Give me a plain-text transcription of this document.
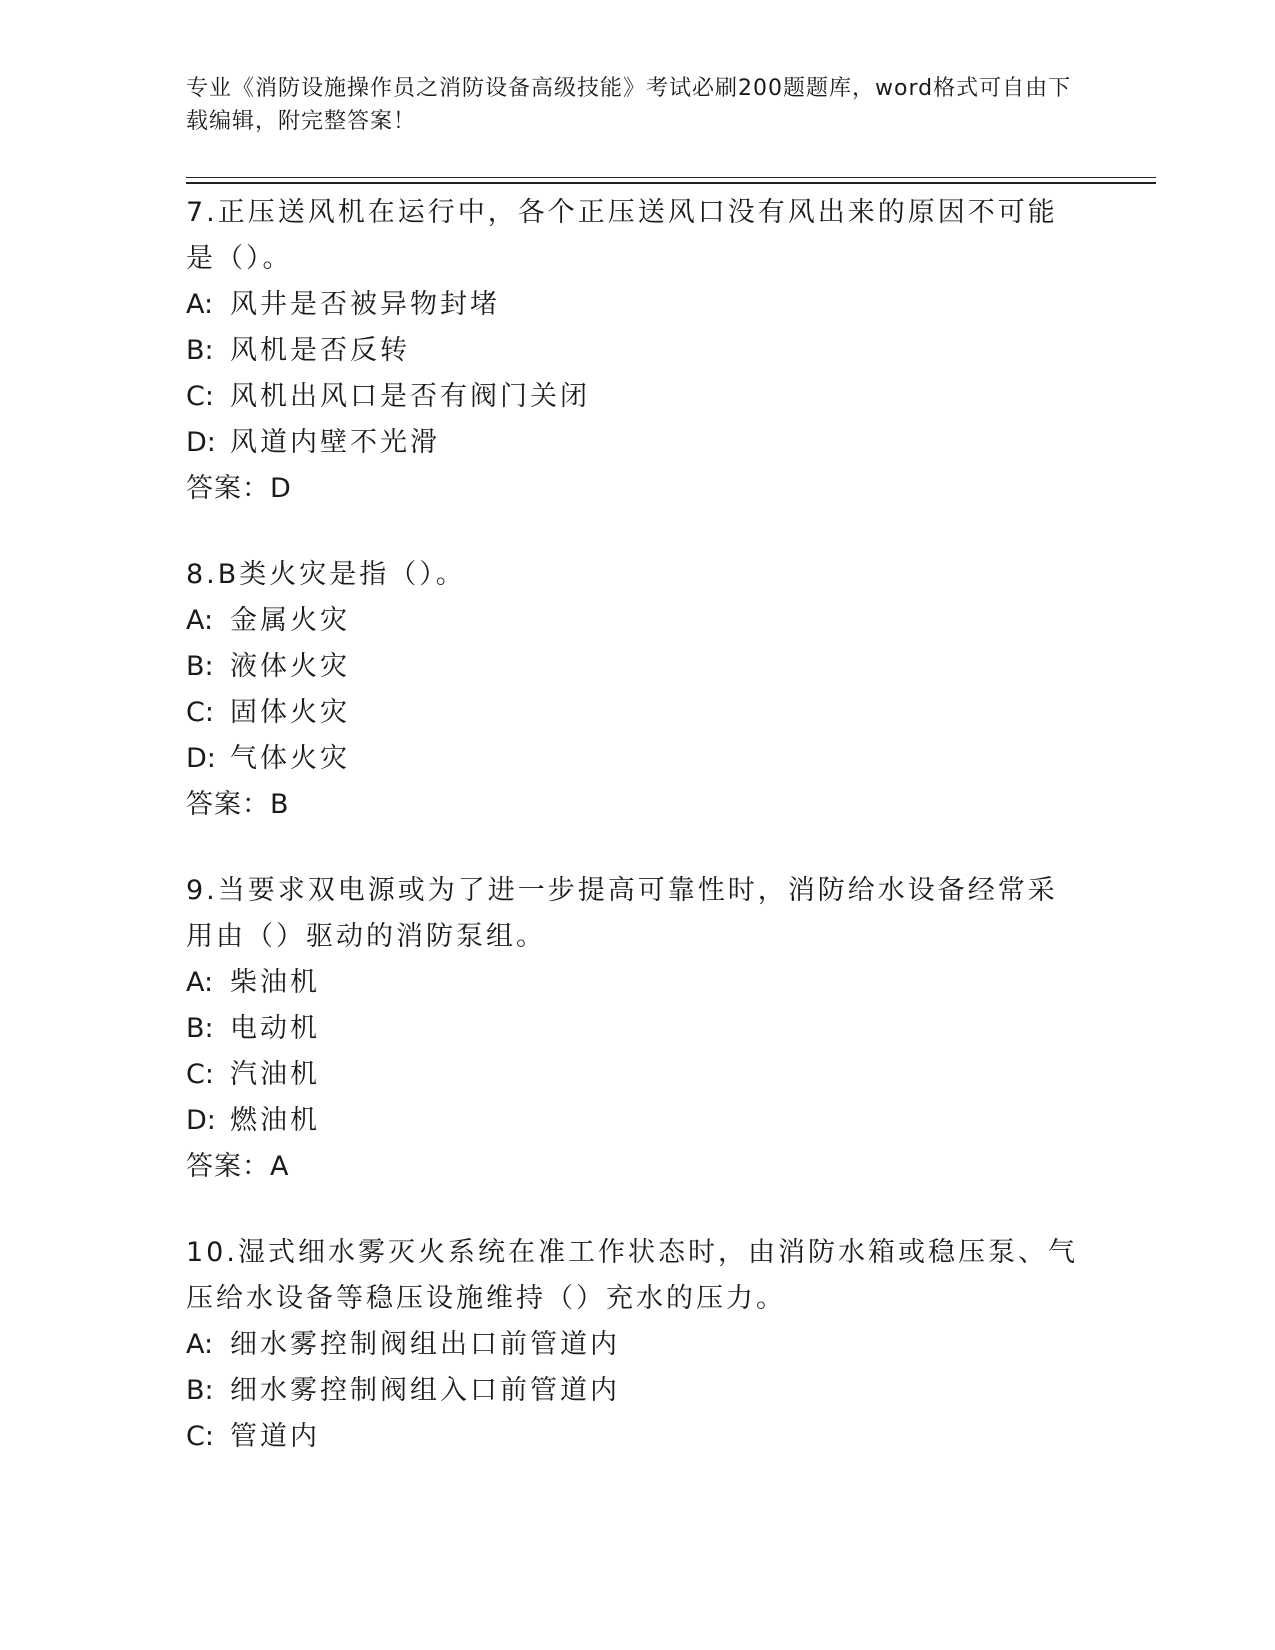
专业《消防设施操作员之消防设备高级技能》考试必刷200题题库，word格式可自由下载编辑，附完整答案！

7.正压送风机在运行中，各个正压送风口没有风出来的原因不可能是（）。

A: 风井是否被异物封堵

B: 风机是否反转

C: 风机出风口是否有阀门关闭

D: 风道内壁不光滑

答案：D

8.B类火灾是指（）。

A: 金属火灾

B: 液体火灾

C: 固体火灾

D: 气体火灾

答案：B

9.当要求双电源或为了进一步提高可靠性时，消防给水设备经常采用由（）驱动的消防泵组。

A: 柴油机

B: 电动机

C: 汽油机

D: 燃油机

答案：A

10.湿式细水雾灭火系统在准工作状态时，由消防水箱或稳压泵、气压给水设备等稳压设施维持（）充水的压力。

A: 细水雾控制阀组出口前管道内

B: 细水雾控制阀组入口前管道内

C: 管道内
